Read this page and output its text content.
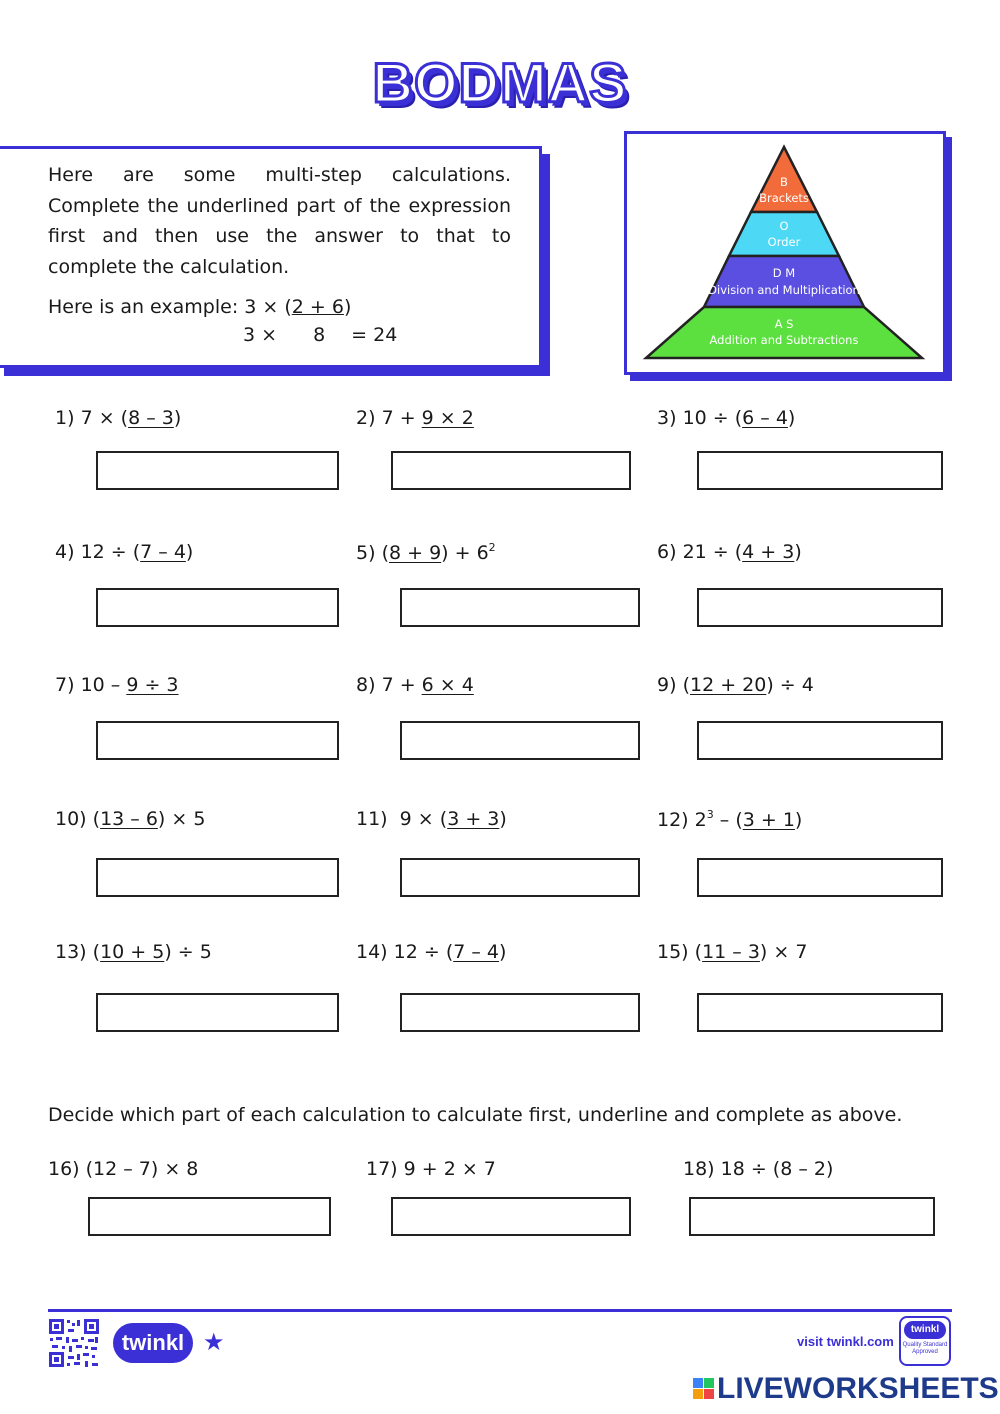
BODMAS
Here are some multi-step calculations. Complete the underlined part of the expression first and then use the answer to that to complete the calculation.
Here is an example: 3 × (2 + 6)
3 × 8 = 24
B
Brackets
O
Order
D M
Division and Multiplication
A S
Addition and Subtractions
1) 7 × (8 – 3)	2) 7 + 9 × 2	3) 10 ÷ (6 – 4)
4) 12 ÷ (7 – 4)	5) $(8 + 9) + 6^2$	6) 21 ÷ (4 + 3)
7) 10 – 9 ÷ 3	8) 7 + 6 × 4	9) (12 + 20) ÷ 4
10) (13 – 6) × 5	11)  9 × (3 + 3)	12) $2^3 - (3 + 1)$
13) (10 + 5) ÷ 5	14) 12 ÷ (7 – 4)	15) (11 – 3) × 7
Decide which part of each calculation to calculate first, underline and complete as above.
16) (12 – 7) × 8	17) 9 + 2 × 7	18) 18 ÷ (8 – 2)
twinkl ★	visit twinkl.com
twinkl
Quality Standard Approved
LIVEWORKSHEETS
